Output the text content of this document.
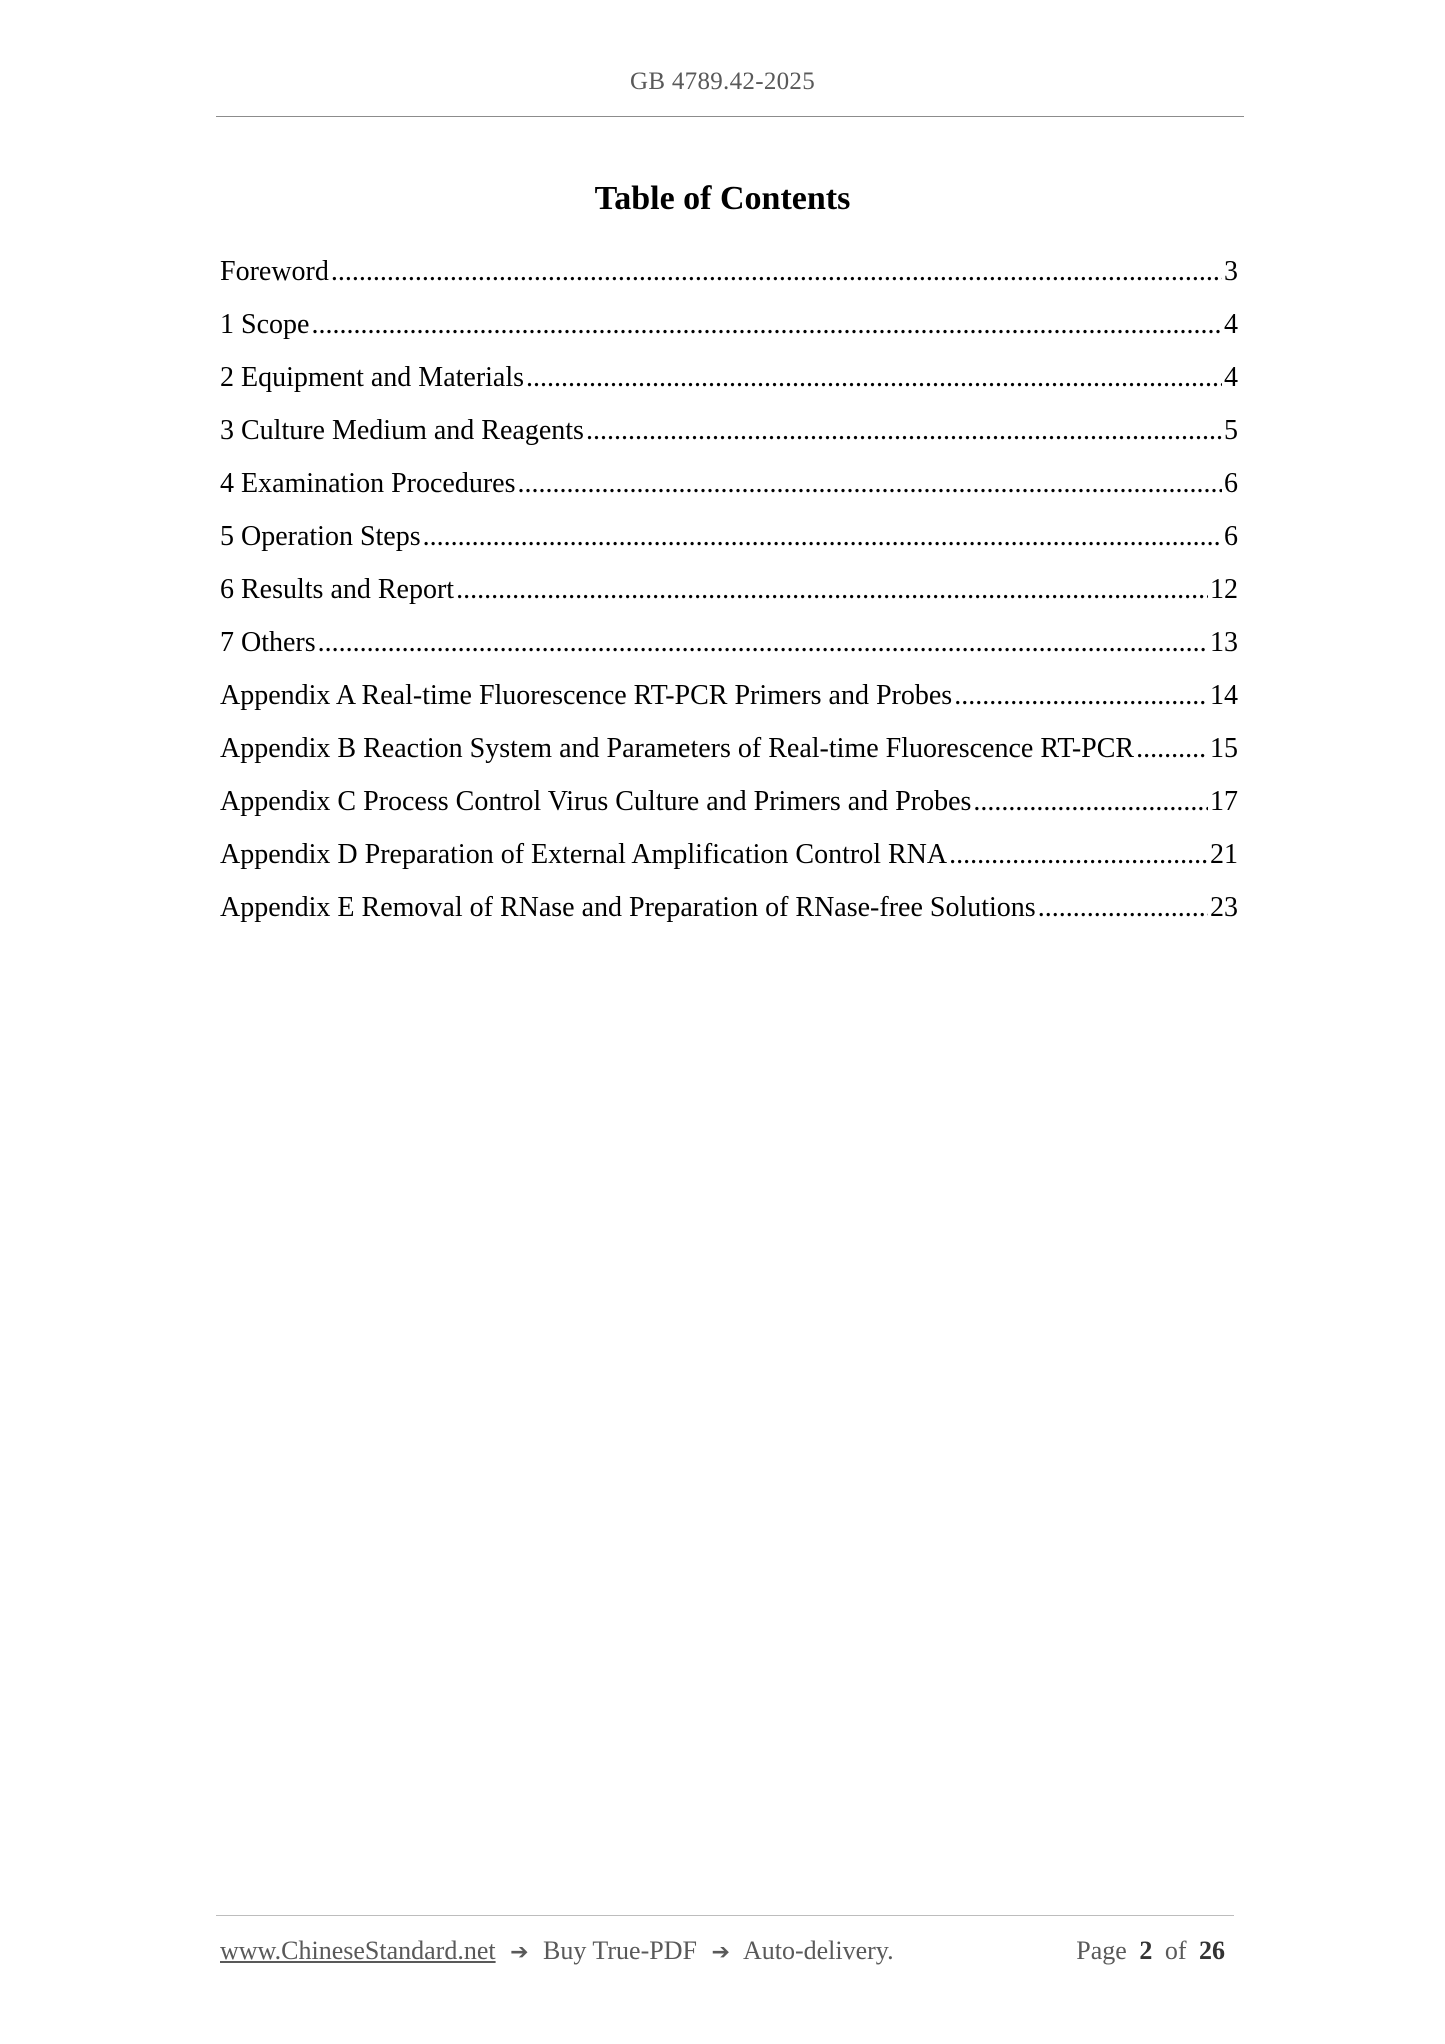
GB 4789.42-2025
Table of Contents
Foreword .....	3
1 Scope .....	4
2 Equipment and Materials .....	4
3 Culture Medium and Reagents .....	5
4 Examination Procedures .....	6
5 Operation Steps .....	6
6 Results and Report .....	12
7 Others .....	13
Appendix A Real-time Fluorescence RT-PCR Primers and Probes .....	14
Appendix B Reaction System and Parameters of Real-time Fluorescence RT-PCR .....	15
Appendix C Process Control Virus Culture and Primers and Probes .....	17
Appendix D Preparation of External Amplification Control RNA .....	21
Appendix E Removal of RNase and Preparation of RNase-free Solutions .....	23
www.ChineseStandard.net ➔ Buy True-PDF ➔ Auto-delivery.	Page 2 of 26
